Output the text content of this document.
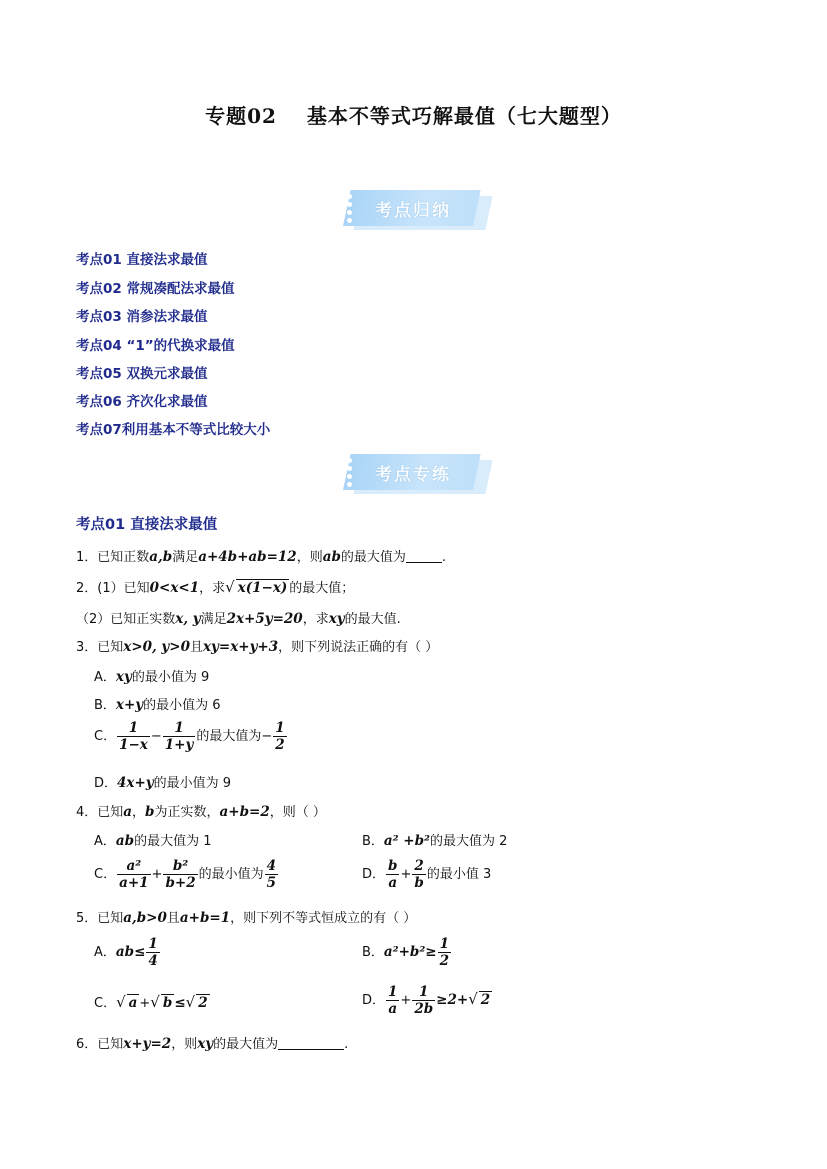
专题02 基本不等式巧解最值（七大题型）
考点归纳
考点01 直接法求最值
考点02 常规凑配法求最值
考点03 消参法求最值
考点04 “1”的代换求最值
考点05 双换元求最值
考点06 齐次化求最值
考点07利用基本不等式比较大小
考点专练
考点01 直接法求最值
1．已知正数a,b满足a+4b+ab=12，则ab的最大值为	.
2．(1）已知0<x<1，求√ x(1−x) 的最大值；
（2）已知正实数x, y满足2x+5y=20，求xy的最大值.
3．已知x>0, y>0且xy=x+y+3，则下列说法正确的有（ ）
A．xy的最小值为 9
B．x+y的最小值为 6
C． $\frac{1}{1-x} - \frac{1}{1+y}$ 的最大值为− $\frac{1}{2}$
D．4x+y的最小值为 9
4．已知a，b为正实数，a+b=2，则（ ）
A．ab的最大值为 1	B．a² +b²的最大值为 2
C． $\frac{\text{a²}}{a+1} + \frac{\text{b²}}{b+2}$ 的最小值为 $\frac{4}{5}$	D． $\frac{b}{a} + \frac{2}{b}$ 的最小值 3
5．已知a,b>0且a+b=1，则下列不等式恒成立的有（ ）
A．$ab\le \frac{1}{4}$	B．$a^2+b^2\ge \frac{1}{2}$
C．√ a +√ b ≤√ 2	D． $\frac{1}{a} + \frac{1}{2b} \ge 2+√$ 2
6．已知x+y=2，则xy的最大值为	.
